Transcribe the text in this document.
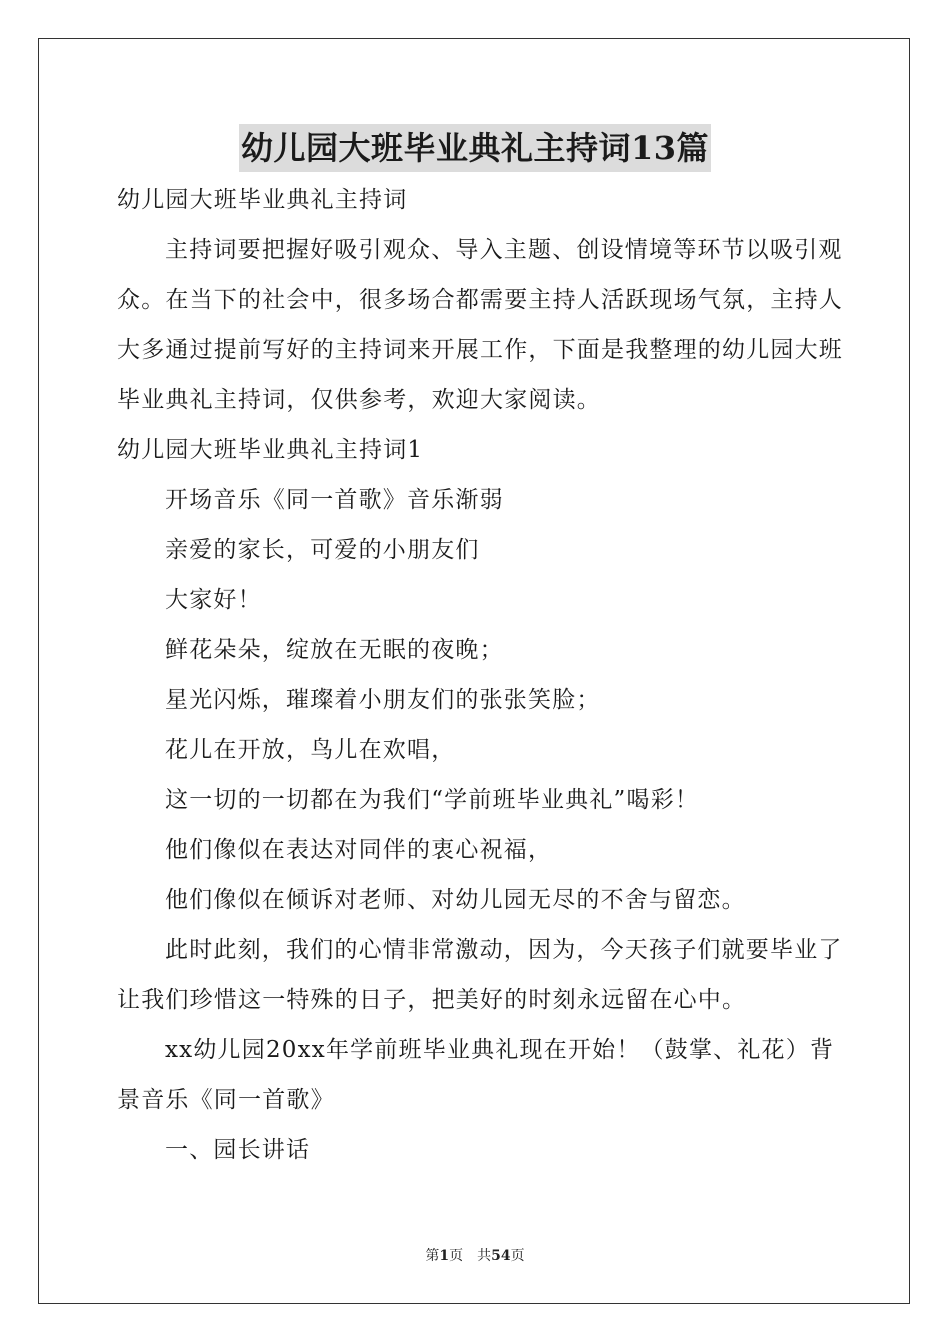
幼儿园大班毕业典礼主持词13篇
幼儿园大班毕业典礼主持词
主持词要把握好吸引观众、导入主题、创设情境等环节以吸引观
众。在当下的社会中，很多场合都需要主持人活跃现场气氛，主持人
大多通过提前写好的主持词来开展工作，下面是我整理的幼儿园大班
毕业典礼主持词，仅供参考，欢迎大家阅读。
幼儿园大班毕业典礼主持词1
开场音乐《同一首歌》音乐渐弱
亲爱的家长，可爱的小朋友们
大家好！
鲜花朵朵，绽放在无眠的夜晚；
星光闪烁，璀璨着小朋友们的张张笑脸；
花儿在开放，鸟儿在欢唱，
这一切的一切都在为我们“学前班毕业典礼”喝彩！
他们像似在表达对同伴的衷心祝福，
他们像似在倾诉对老师、对幼儿园无尽的不舍与留恋。
此时此刻，我们的心情非常激动，因为，今天孩子们就要毕业了
让我们珍惜这一特殊的日子，把美好的时刻永远留在心中。
xx幼儿园20xx年学前班毕业典礼现在开始！（鼓掌、礼花）背
景音乐《同一首歌》
一、园长讲话
第1页　共54页
